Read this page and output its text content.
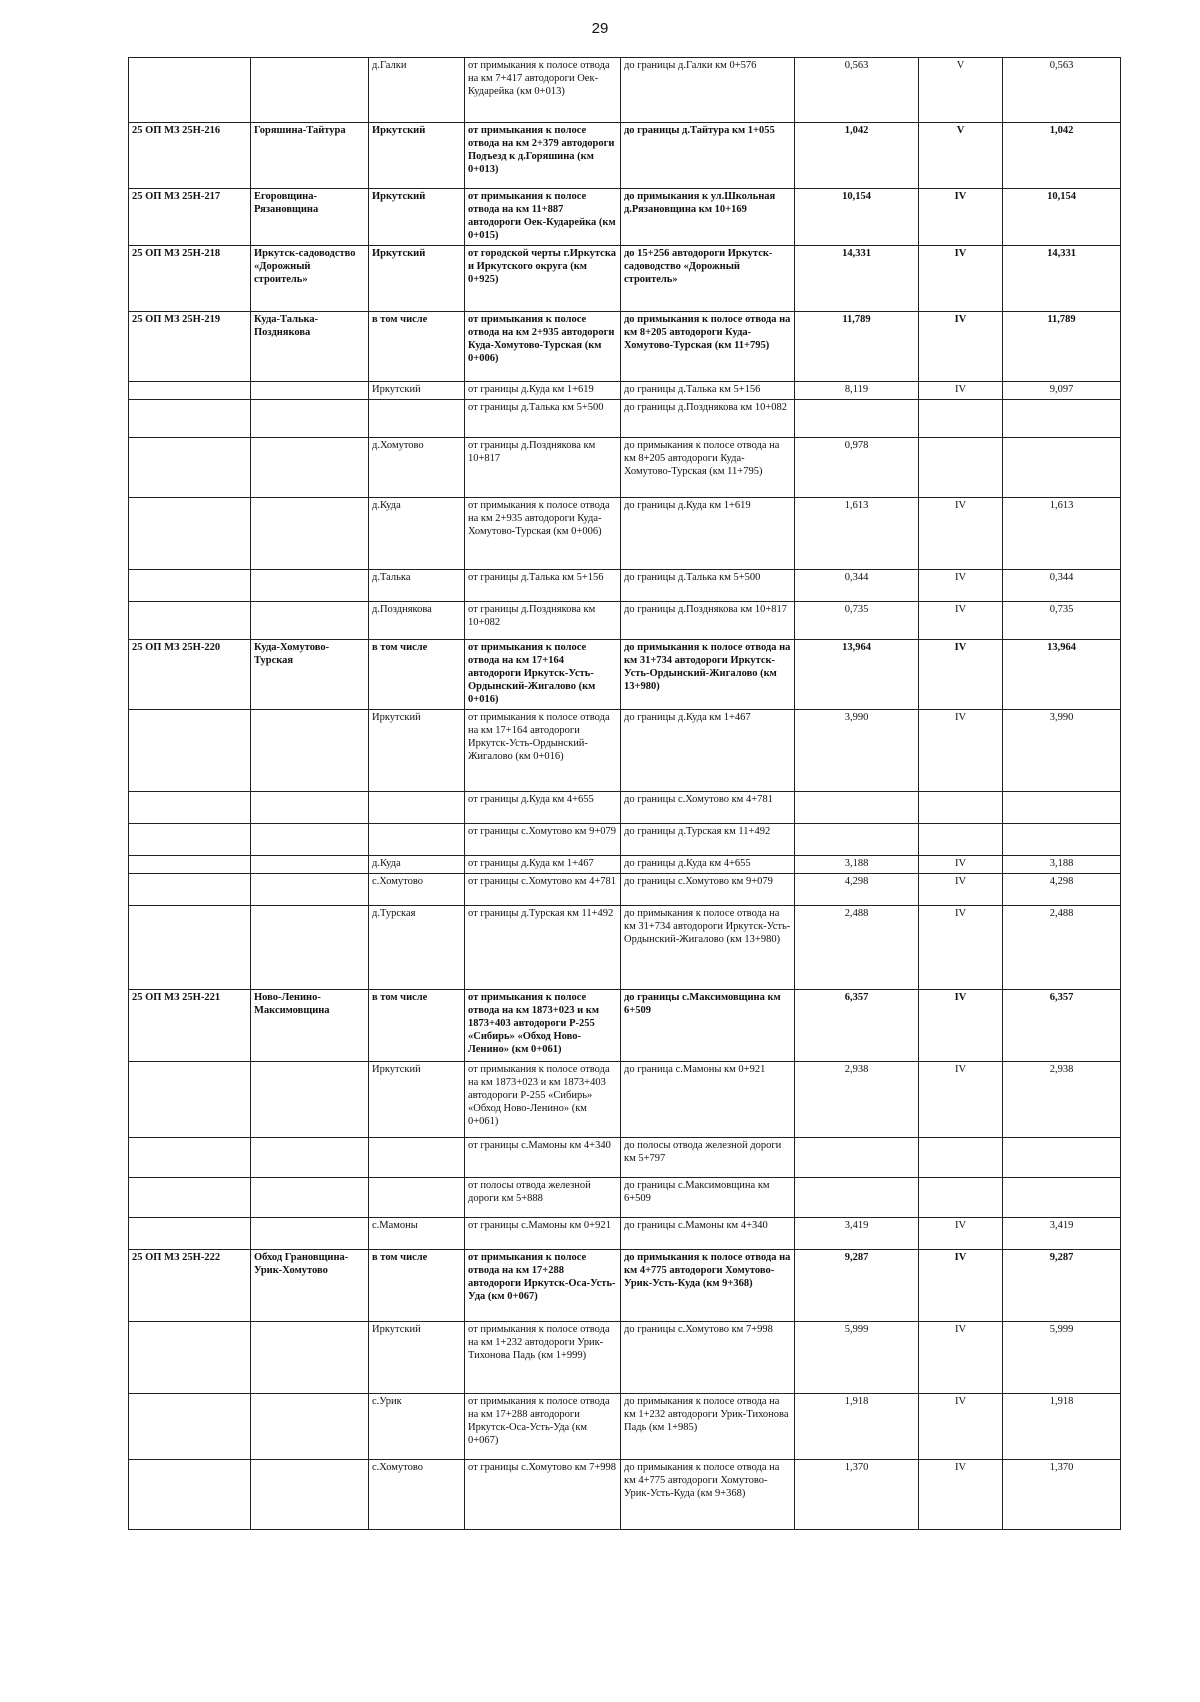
29
		д.Галки	от примыкания к полосе отвода на км 7+417 автодороги Оек-Кударейка (км 0+013)	до границы д.Галки км 0+576	0,563	V	0,563
25 ОП МЗ 25Н-216	Горяшина-Тайтура	Иркутский	от примыкания к полосе отвода на км 2+379 автодороги Подъезд к д.Горяшина (км 0+013)	до границы д.Тайтура км 1+055	1,042	V	1,042
25 ОП МЗ 25Н-217	Егоровщина-Рязановщина	Иркутский	от примыкания к полосе отвода на км 11+887 автодороги Оек-Кударейка (км 0+015)	до примыкания к ул.Школьная д.Рязановщина км 10+169	10,154	IV	10,154
25 ОП МЗ 25Н-218	Иркутск-садоводство «Дорожный строитель»	Иркутский	от городской черты г.Иркутска и Иркутского округа (км 0+925)	до 15+256 автодороги Иркутск-садоводство «Дорожный строитель»	14,331	IV	14,331
25 ОП МЗ 25Н-219	Куда-Талька-Позднякова	в том числе	от примыкания к полосе отвода на км 2+935 автодороги Куда-Хомутово-Турская (км 0+006)	до примыкания к полосе отвода на км 8+205 автодороги Куда-Хомутово-Турская (км 11+795)	11,789	IV	11,789
		Иркутский	от границы д.Куда км 1+619	до границы д.Талька км 5+156	8,119	IV	9,097
			от границы д.Талька км 5+500	до границы д.Позднякова км 10+082			
		д.Хомутово	от границы д.Позднякова км 10+817	до примыкания к полосе отвода на км 8+205 автодороги Куда-Хомутово-Турская (км 11+795)	0,978		
		д.Куда	от примыкания к полосе отвода на км 2+935 автодороги Куда-Хомутово-Турская (км 0+006)	до границы д.Куда км 1+619	1,613	IV	1,613
		д.Талька	от границы д.Талька км 5+156	до границы д.Талька км 5+500	0,344	IV	0,344
		д.Позднякова	от границы д.Позднякова км 10+082	до границы д.Позднякова км 10+817	0,735	IV	0,735
25 ОП МЗ 25Н-220	Куда-Хомутово-Турская	в том числе	от примыкания к полосе отвода на км 17+164 автодороги Иркутск-Усть-Ордынский-Жигалово (км 0+016)	до примыкания к полосе отвода на км 31+734 автодороги Иркутск-Усть-Ордынский-Жигалово (км 13+980)	13,964	IV	13,964
		Иркутский	от примыкания к полосе отвода на км 17+164 автодороги Иркутск-Усть-Ордынский-Жигалово (км 0+016)	до границы д.Куда км 1+467	3,990	IV	3,990
			от границы д.Куда км 4+655	до границы с.Хомутово км 4+781			
			от границы с.Хомутово км 9+079	до границы д.Турская км 11+492			
		д.Куда	от границы д.Куда км 1+467	до границы д.Куда км 4+655	3,188	IV	3,188
		с.Хомутово	от границы с.Хомутово км 4+781	до границы с.Хомутово км 9+079	4,298	IV	4,298
		д.Турская	от границы д.Турская км 11+492	до примыкания к полосе отвода на км 31+734 автодороги Иркутск-Усть-Ордынский-Жигалово (км 13+980)	2,488	IV	2,488
25 ОП МЗ 25Н-221	Ново-Ленино-Максимовщина	в том числе	от примыкания к полосе отвода на км 1873+023 и км 1873+403 автодороги Р-255 «Сибирь» «Обход Ново-Ленино» (км 0+061)	до границы с.Максимовщина км 6+509	6,357	IV	6,357
		Иркутский	от примыкания к полосе отвода на км 1873+023 и км 1873+403 автодороги Р-255 «Сибирь» «Обход Ново-Ленино» (км 0+061)	до граница с.Мамоны км 0+921	2,938	IV	2,938
			от границы с.Мамоны км 4+340	до полосы отвода железной дороги км 5+797			
			от полосы отвода железной дороги км 5+888	до границы с.Максимовщина км 6+509			
		с.Мамоны	от границы с.Мамоны км 0+921	до границы с.Мамоны км 4+340	3,419	IV	3,419
25 ОП МЗ 25Н-222	Обход Грановщина-Урик-Хомутово	в том числе	от примыкания к полосе отвода на км 17+288 автодороги Иркутск-Оса-Усть-Уда (км 0+067)	до примыкания к полосе отвода на км 4+775 автодороги Хомутово-Урик-Усть-Куда (км 9+368)	9,287	IV	9,287
		Иркутский	от примыкания к полосе отвода на км 1+232 автодороги Урик-Тихонова Падь (км 1+999)	до границы с.Хомутово км 7+998	5,999	IV	5,999
		с.Урик	от примыкания к полосе отвода на км 17+288 автодороги Иркутск-Оса-Усть-Уда (км 0+067)	до примыкания к полосе отвода на км 1+232 автодороги Урик-Тихонова Падь (км 1+985)	1,918	IV	1,918
		с.Хомутово	от границы с.Хомутово км 7+998	до примыкания к полосе отвода на км 4+775 автодороги Хомутово-Урик-Усть-Куда (км 9+368)	1,370	IV	1,370
